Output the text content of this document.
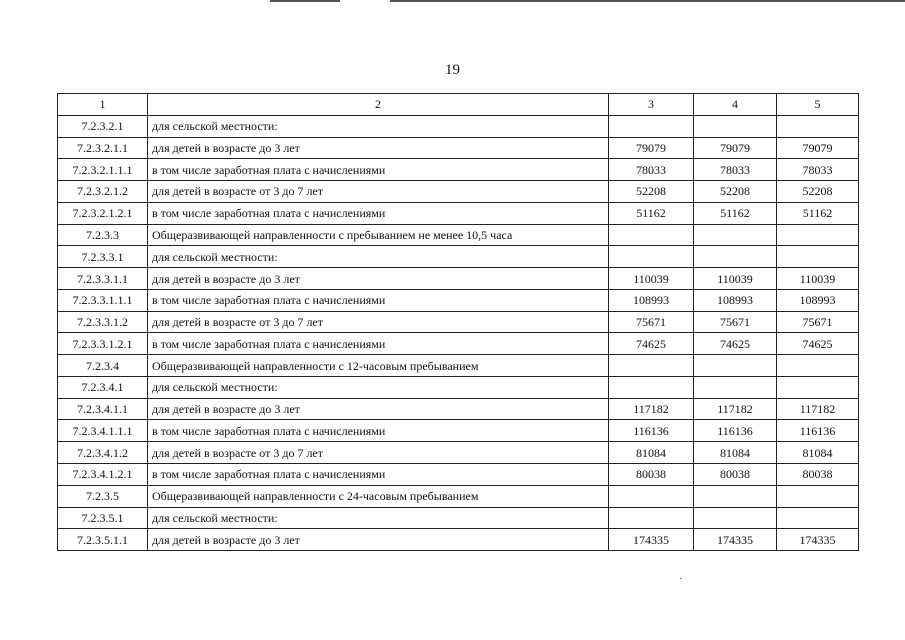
19
1	2	3	4	5
7.2.3.2.1	для сельской местности:			
7.2.3.2.1.1	для детей в возрасте до 3 лет	79079	79079	79079
7.2.3.2.1.1.1	в том числе заработная плата с начислениями	78033	78033	78033
7.2.3.2.1.2	для детей в возрасте от 3 до 7 лет	52208	52208	52208
7.2.3.2.1.2.1	в том числе заработная плата с начислениями	51162	51162	51162
7.2.3.3	Общеразвивающей направленности с пребыванием не менее 10,5 часа			
7.2.3.3.1	для сельской местности:			
7.2.3.3.1.1	для детей в возрасте до 3 лет	110039	110039	110039
7.2.3.3.1.1.1	в том числе заработная плата с начислениями	108993	108993	108993
7.2.3.3.1.2	для детей в возрасте от 3 до 7 лет	75671	75671	75671
7.2.3.3.1.2.1	в том числе заработная плата с начислениями	74625	74625	74625
7.2.3.4	Общеразвивающей направленности с 12-часовым пребыванием			
7.2.3.4.1	для сельской местности:			
7.2.3.4.1.1	для детей в возрасте до 3 лет	117182	117182	117182
7.2.3.4.1.1.1	в том числе заработная плата с начислениями	116136	116136	116136
7.2.3.4.1.2	для детей в возрасте от 3 до 7 лет	81084	81084	81084
7.2.3.4.1.2.1	в том числе заработная плата с начислениями	80038	80038	80038
7.2.3.5	Общеразвивающей направленности с 24-часовым пребыванием			
7.2.3.5.1	для сельской местности:			
7.2.3.5.1.1	для детей в возрасте до 3 лет	174335	174335	174335
